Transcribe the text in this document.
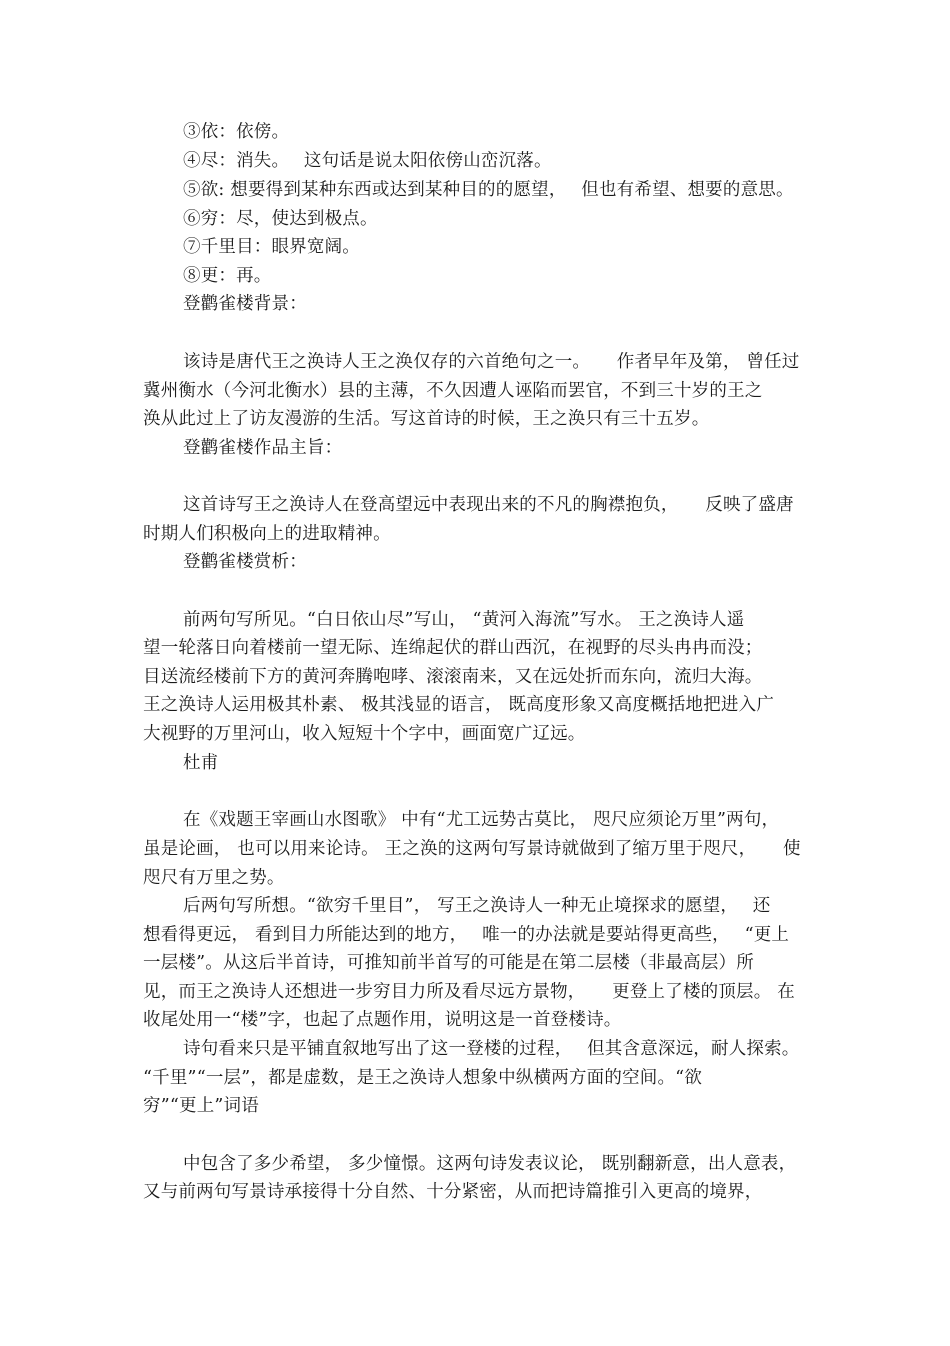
③依：依傍。
④尽：消失。　 这句话是说太阳依傍山峦沉落。
⑤欲: 想要得到某种东西或达到某种目的的愿望，　 但也有希望、想要的意思。
⑥穷：尽，使达到极点。
⑦千里目：眼界宽阔。
⑧更：再。
登鹳雀楼背景：
该诗是唐代王之涣诗人王之涣仅存的六首绝句之一。　　作者早年及第， 曾任过
冀州衡水（今河北衡水）县的主薄，不久因遭人诬陷而罢官，不到三十岁的王之
涣从此过上了访友漫游的生活。写这首诗的时候，王之涣只有三十五岁。
登鹳雀楼作品主旨：
这首诗写王之涣诗人在登高望远中表现出来的不凡的胸襟抱负，　　反映了盛唐
时期人们积极向上的进取精神。
登鹳雀楼赏析：
前两句写所见。“白日依山尽”写山， “黄河入海流”写水。 王之涣诗人遥
望一轮落日向着楼前一望无际、连绵起伏的群山西沉，在视野的尽头冉冉而没；
目送流经楼前下方的黄河奔腾咆哮、滚滚南来，又在远处折而东向，流归大海。
王之涣诗人运用极其朴素、 极其浅显的语言， 既高度形象又高度概括地把进入广
大视野的万里河山，收入短短十个字中，画面宽广辽远。
杜甫
在《戏题王宰画山水图歌》 中有“尤工远势古莫比， 咫尺应须论万里”两句，
虽是论画， 也可以用来论诗。 王之涣的这两句写景诗就做到了缩万里于咫尺，　　使
咫尺有万里之势。
后两句写所想。“欲穷千里目”， 写王之涣诗人一种无止境探求的愿望，　 还
想看得更远， 看到目力所能达到的地方，　 唯一的办法就是要站得更高些，　 “更上
一层楼”。从这后半首诗，可推知前半首写的可能是在第二层楼（非最高层）所
见，而王之涣诗人还想进一步穷目力所及看尽远方景物，　　更登上了楼的顶层。 在
收尾处用一“楼”字，也起了点题作用，说明这是一首登楼诗。
诗句看来只是平铺直叙地写出了这一登楼的过程，　 但其含意深远，耐人探索。
“千里”“一层”，都是虚数，是王之涣诗人想象中纵横两方面的空间。“欲
穷”“更上”词语
中包含了多少希望， 多少憧憬。这两句诗发表议论， 既别翻新意，出人意表，
又与前两句写景诗承接得十分自然、十分紧密，从而把诗篇推引入更高的境界，
